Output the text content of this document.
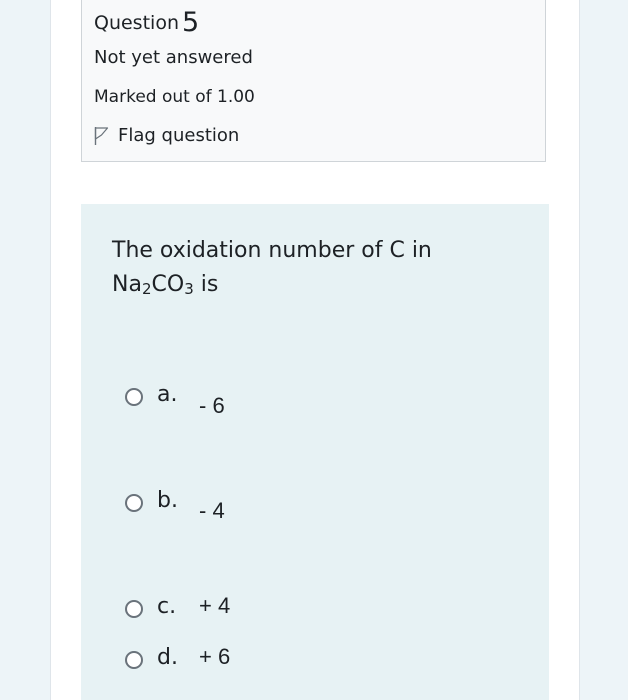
Question 5
Not yet answered
Marked out of 1.00
Flag question
The oxidation number of C in
$Na_2CO_3$ is
a. - 6
b. - 4
c.	+ 4
d. + 6
